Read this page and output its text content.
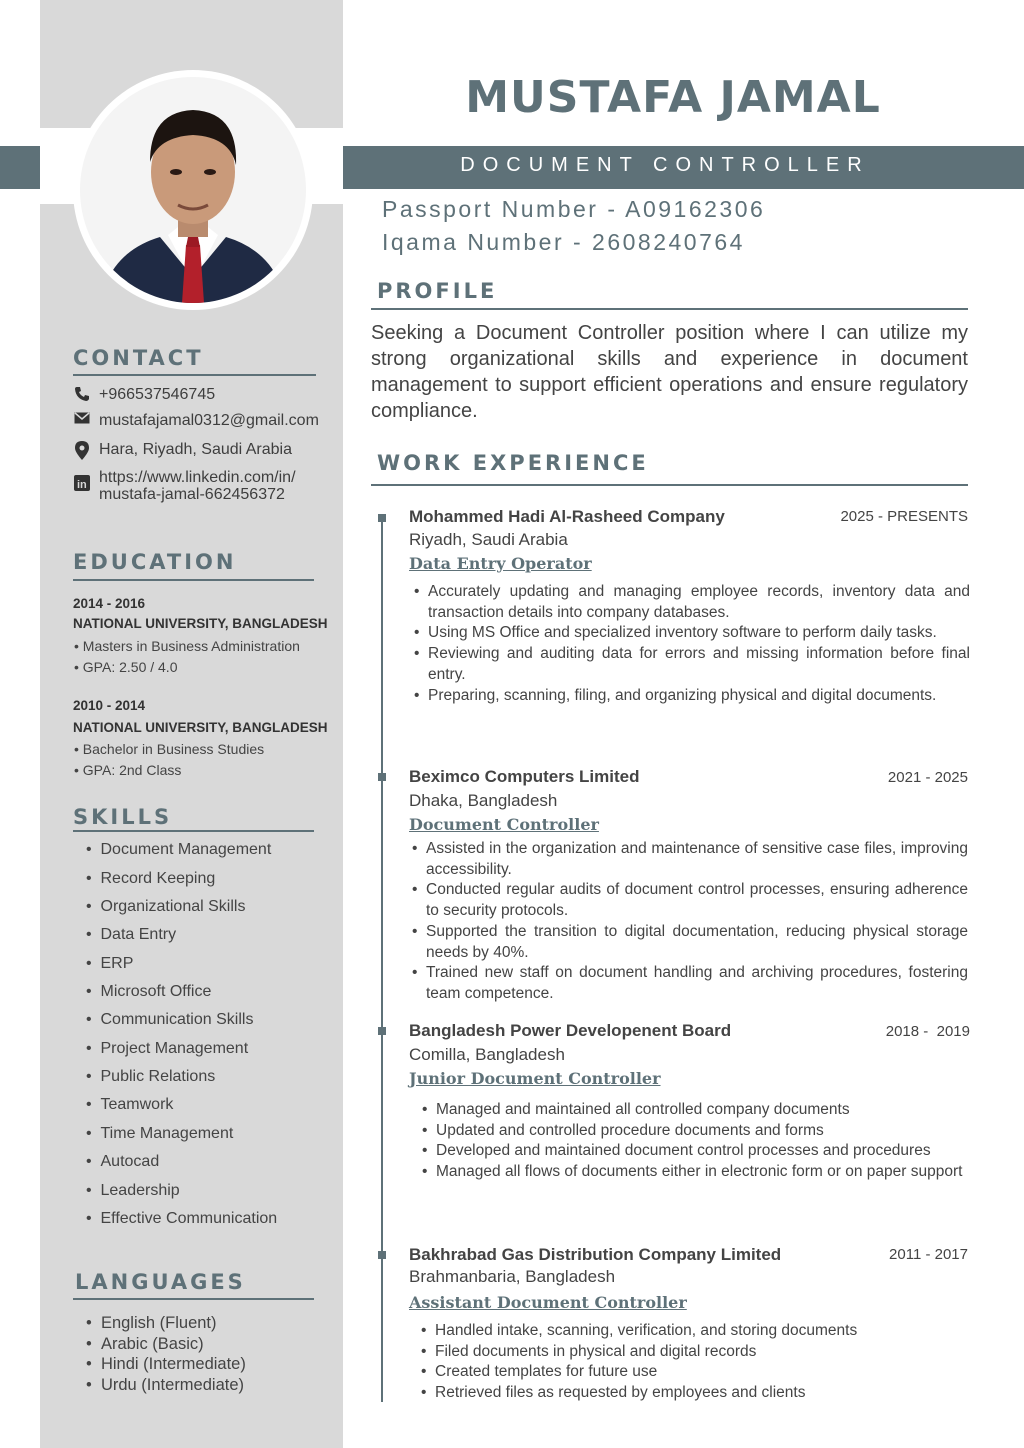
MUSTAFA JAMAL
DOCUMENT CONTROLLER
Passport Number - A09162306
Iqama Number - 2608240764
CONTACT
+966537546745
mustafajamal0312@gmail.com
Hara, Riyadh, Saudi Arabia
in https://www.linkedin.com/in/
mustafa-jamal-662456372
EDUCATION
2014 - 2016
NATIONAL UNIVERSITY, BANGLADESH
• Masters in Business Administration
• GPA: 2.50 / 4.0
2010 - 2014
NATIONAL UNIVERSITY, BANGLADESH
• Bachelor in Business Studies
• GPA: 2nd Class
SKILLS
•  Document Management
•  Record Keeping
•  Organizational Skills
•  Data Entry
•  ERP
•  Microsoft Office
•  Communication Skills
•  Project Management
•  Public Relations
•  Teamwork
•  Time Management
•  Autocad
•  Leadership
•  Effective Communication
LANGUAGES
•  English (Fluent)
•  Arabic (Basic)
•  Hindi (Intermediate)
•  Urdu (Intermediate)
PROFILE
Seeking a Document Controller position where I can utilize my strong organizational skills and experience in document management to support efficient operations and ensure regulatory compliance.
WORK EXPERIENCE
Mohammed Hadi Al-Rasheed Company	2025 - PRESENTS
Riyadh, Saudi Arabia
Data Entry Operator
• Accurately updating and managing employee records, inventory data and transaction details into company databases.
• Using MS Office and specialized inventory software to perform daily tasks.
• Reviewing and auditing data for errors and missing information before final entry.
• Preparing, scanning, filing, and organizing physical and digital documents.
Beximco Computers Limited	2021 - 2025
Dhaka, Bangladesh
Document Controller
• Assisted in the organization and maintenance of sensitive case files, improving accessibility.
• Conducted regular audits of document control processes, ensuring adherence to security protocols.
• Supported the transition to digital documentation, reducing physical storage needs by 40%.
• Trained new staff on document handling and archiving procedures, fostering team competence.
Bangladesh Power Developenent Board	2018 -  2019
Comilla, Bangladesh
Junior Document Controller
• Managed and maintained all controlled company documents
• Updated and controlled procedure documents and forms
• Developed and maintained document control processes and procedures
• Managed all flows of documents either in electronic form or on paper support
Bakhrabad Gas Distribution Company Limited	2011 - 2017
Brahmanbaria, Bangladesh
Assistant Document Controller
• Handled intake, scanning, verification, and storing documents
• Filed documents in physical and digital records
• Created templates for future use
• Retrieved files as requested by employees and clients
